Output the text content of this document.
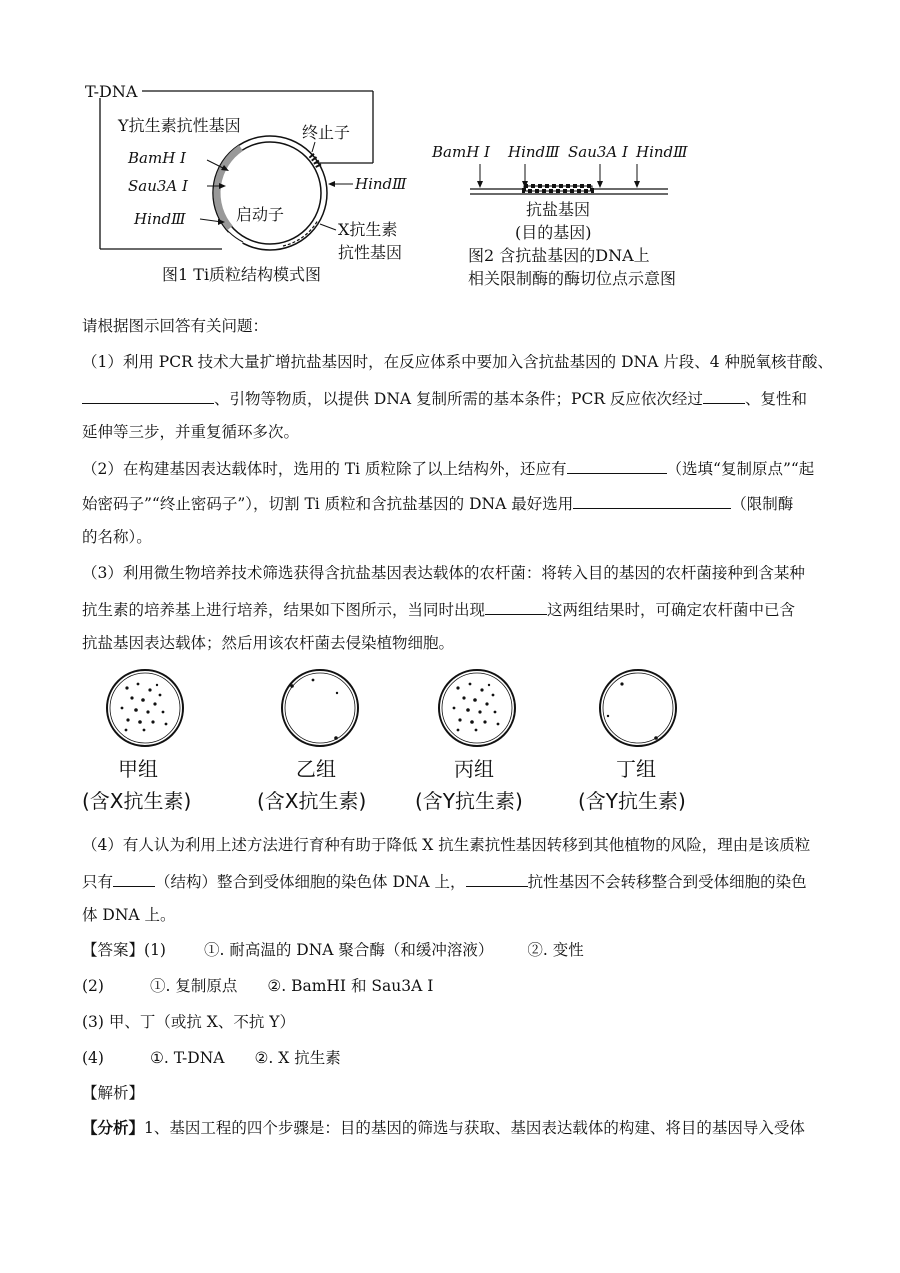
T-DNA
Y抗生素抗性基因	终止子
BamH Ⅰ
Sau3A Ⅰ	HindⅢ
HindⅢ	启动子
X抗生素
抗性基因
图1 Ti质粒结构模式图
BamH Ⅰ HindⅢ Sau3A Ⅰ HindⅢ
抗盐基因
(目的基因)
图2 含抗盐基因的DNA上
相关限制酶的酶切位点示意图
请根据图示回答有关问题：
（1）利用 PCR 技术大量扩增抗盐基因时，在反应体系中要加入含抗盐基因的 DNA 片段、4 种脱氧核苷酸、
、引物等物质，以提供 DNA 复制所需的基本条件；PCR 反应依次经过	、复性和
延伸等三步，并重复循环多次。
（2）在构建基因表达载体时，选用的 Ti 质粒除了以上结构外，还应有	（选填“复制原点”“起
始密码子”“终止密码子”），切割 Ti 质粒和含抗盐基因的 DNA 最好选用	（限制酶
的名称）。
（3）利用微生物培养技术筛选获得含抗盐基因表达载体的农杆菌：将转入目的基因的农杆菌接种到含某种
抗生素的培养基上进行培养，结果如下图所示，当同时出现	这两组结果时，可确定农杆菌中已含
抗盐基因表达载体；然后用该农杆菌去侵染植物细胞。
甲组
(含X抗生素)
乙组
(含X抗生素)
丙组
(含Y抗生素)
丁组
(含Y抗生素)
（4）有人认为利用上述方法进行育种有助于降低 X 抗生素抗性基因转移到其他植物的风险，理由是该质粒
只有	（结构）整合到受体细胞的染色体 DNA 上，	抗性基因不会转移整合到受体细胞的染色
体 DNA 上。
【答案】(1) ①. 耐高温的 DNA 聚合酶（和缓冲溶液） ②. 变性
(2)	①. 复制原点 ②. BamHI 和 Sau3A Ⅰ
(3) 甲、丁（或抗 X、不抗 Y）
(4)	①. T-DNA ②. X 抗生素
【解析】
【分析】1、基因工程的四个步骤是：目的基因的筛选与获取、基因表达载体的构建、将目的基因导入受体
